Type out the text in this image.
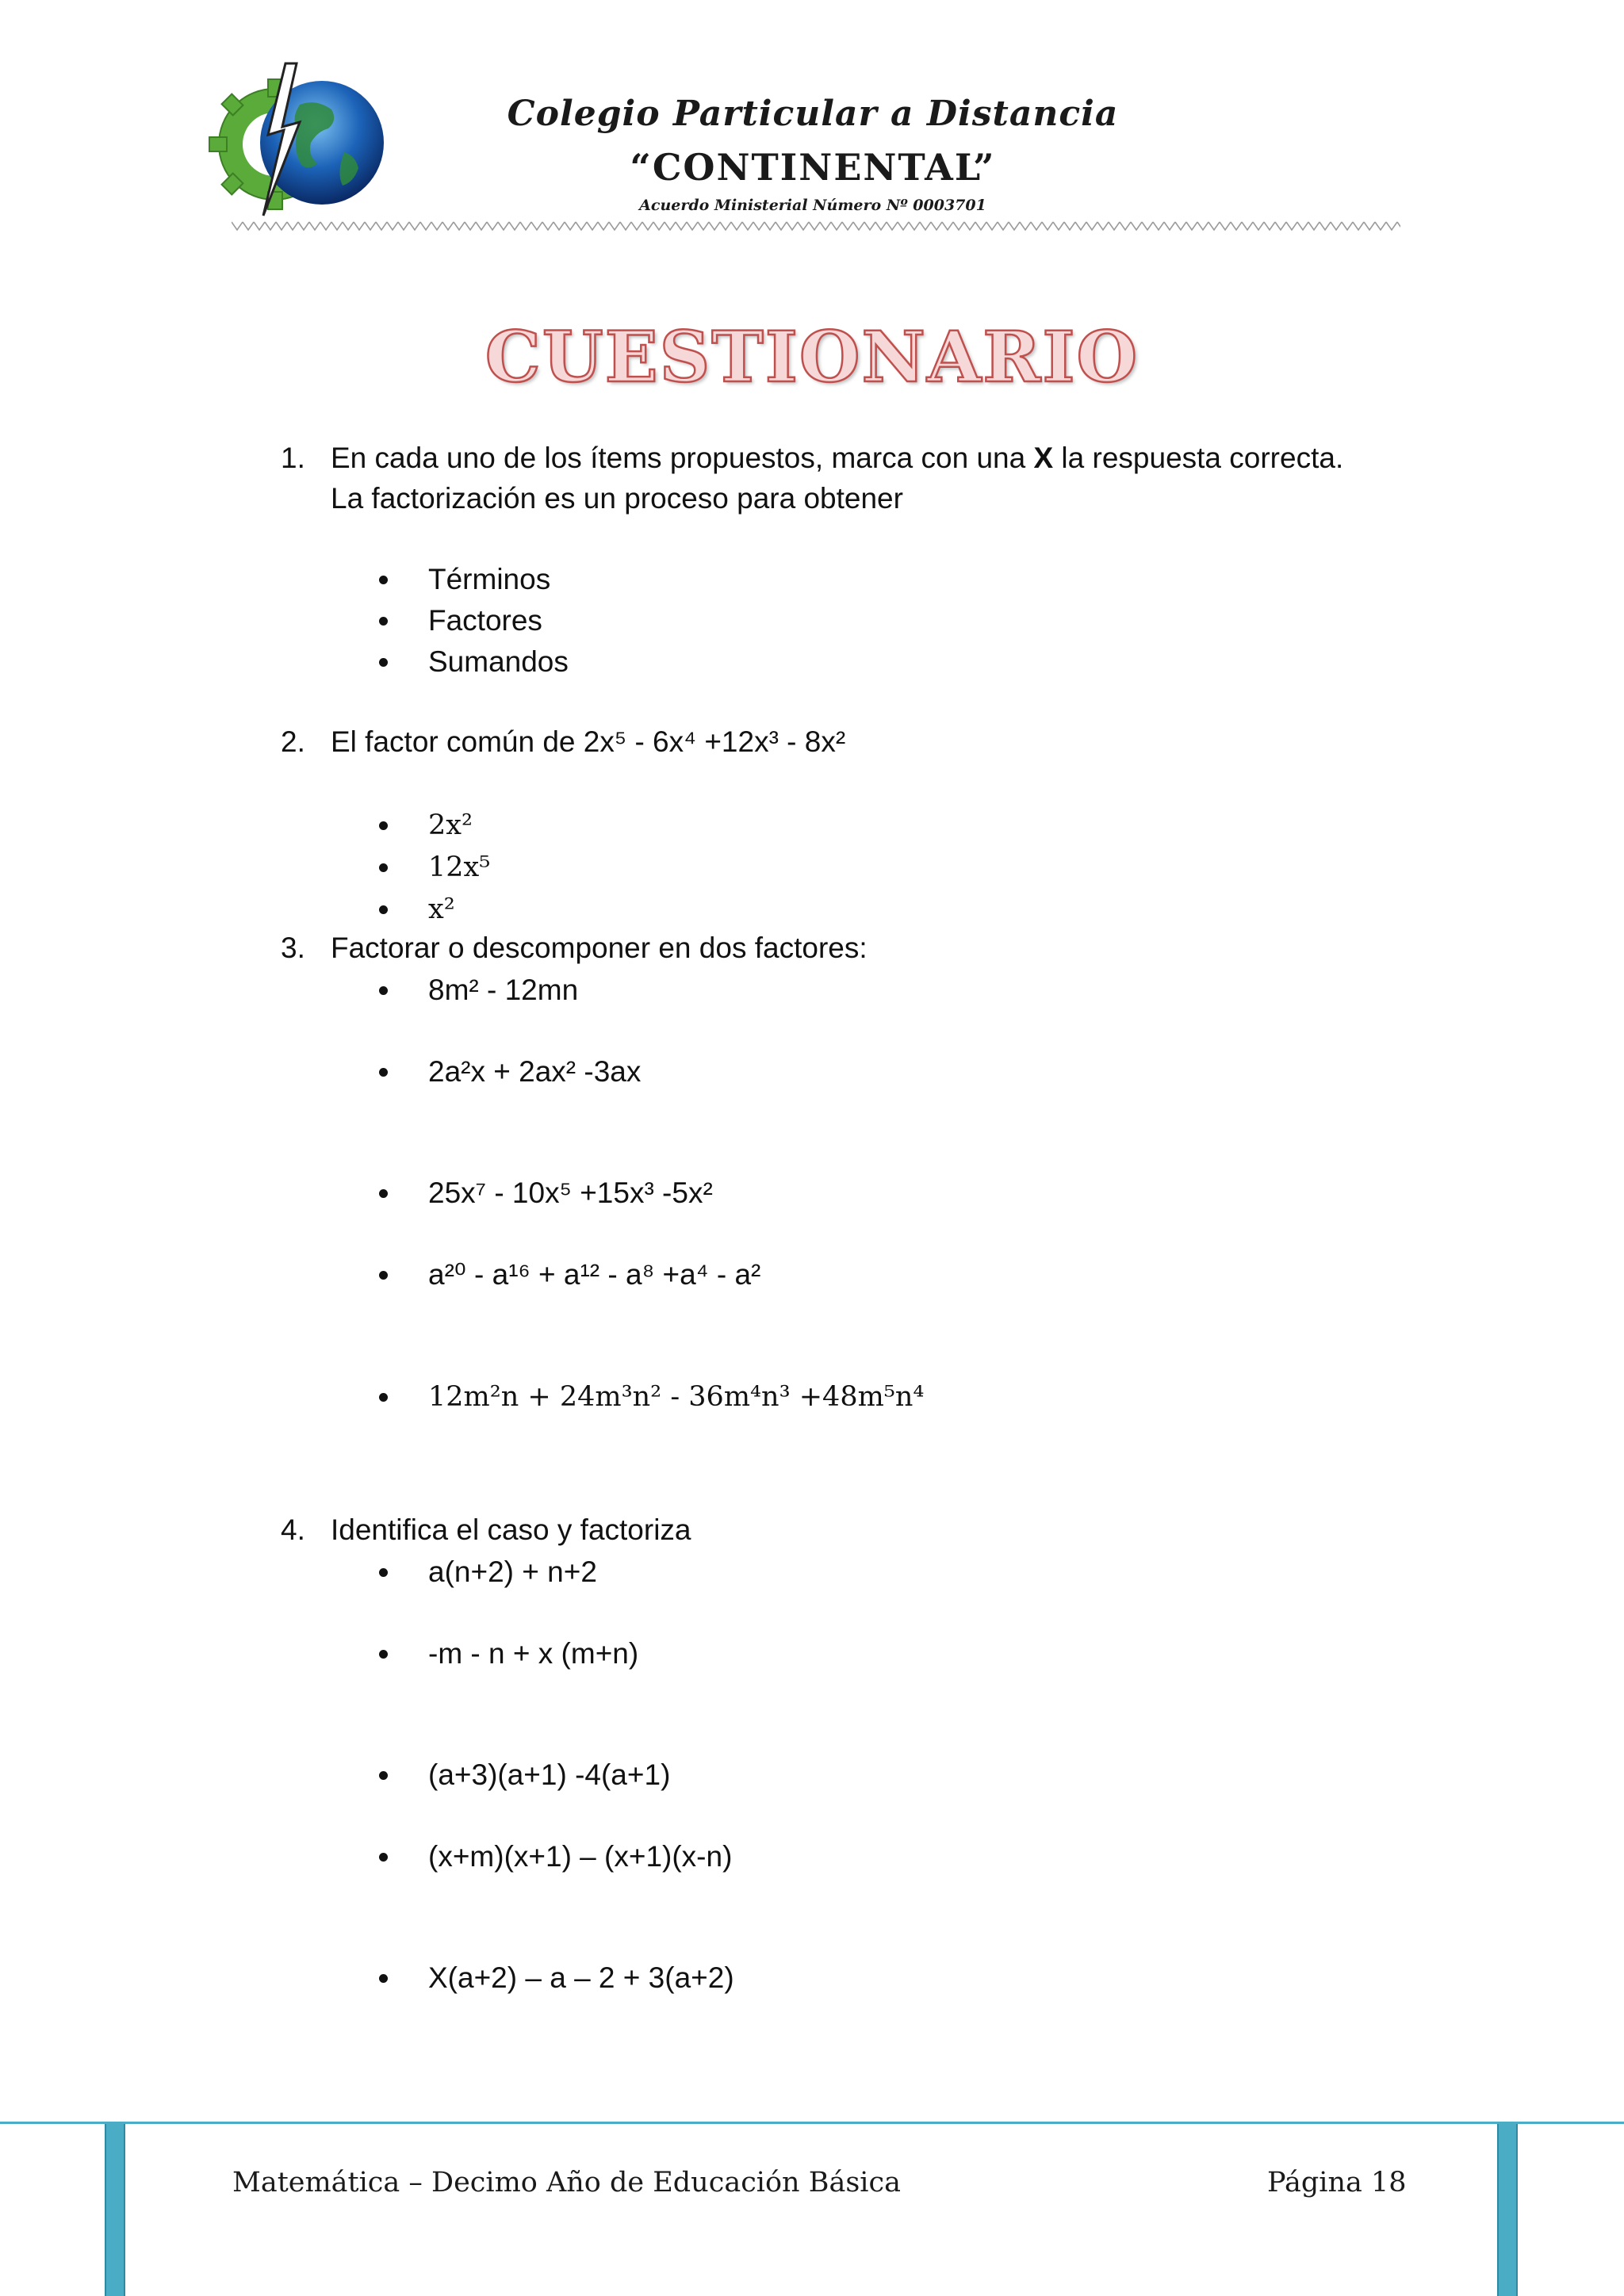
Colegio Particular a Distancia
“CONTINENTAL”
Acuerdo Ministerial Número Nº 0003701
CUESTIONARIO
1. En cada uno de los ítems propuestos, marca con una X la respuesta correcta.
La factorización es un proceso para obtener
Términos
Factores
Sumandos
2. El factor común de 2x⁵ - 6x⁴ +12x³ - 8x²
2x²
12x⁵
x²
3. Factorar o descomponer en dos factores:
8m² - 12mn
2a²x + 2ax² -3ax
25x⁷ - 10x⁵ +15x³ -5x²
a²⁰ - a¹⁶ + a¹² - a⁸ +a⁴ - a²
12m²n + 24m³n² - 36m⁴n³ +48m⁵n⁴
4. Identifica el caso y factoriza
a(n+2) + n+2
-m - n + x (m+n)
(a+3)(a+1) -4(a+1)
(x+m)(x+1) – (x+1)(x-n)
X(a+2) – a – 2 + 3(a+2)
Matemática – Decimo Año de Educación Básica	Página 18
